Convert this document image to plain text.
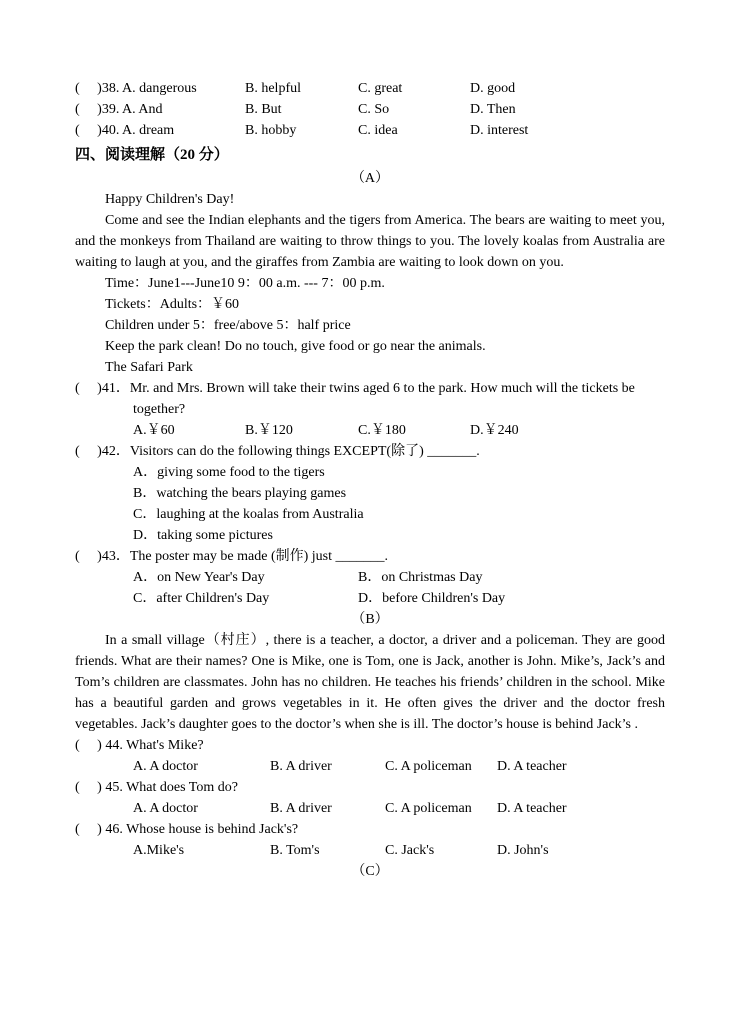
(     )38. A. dangerous	B. helpful	C. great	D. good
(     )39. A. And	B. But	C. So	D. Then
(     )40. A. dream	B. hobby	C. idea	D. interest
四、阅读理解（20 分）
（A）

Happy Children's Day!

Come and see the Indian elephants and the tigers from America. The bears are waiting to meet you, and the monkeys from Thailand are waiting to throw things to you. The lovely koalas from Australia are waiting to laugh at you, and the giraffes from Zambia are waiting to look down on you.

Time：June1---June10 9：00 a.m. --- 7：00 p.m.

Tickets：Adults：￥60

Children under 5：free/above 5：half price

Keep the park clean! Do no touch, give food or go near the animals.

The Safari Park

(     )41．Mr. and Mrs. Brown will take their twins aged 6 to the park. How much will the tickets be together?

A.￥60	B.￥120	C.￥180	D.￥240

(     )42．Visitors can do the following things EXCEPT(除了) _______.

A．giving some food to the tigers

B．watching the bears playing games

C．laughing at the koalas from Australia

D．taking some pictures

(     )43．The poster may be made (制作) just _______.

A．on New Year's Day	B．on Christmas Day
C．after Children's Day	D．before Children's Day
（B）

In a small village（村庄）, there is a teacher, a doctor, a driver and a policeman. They are good friends. What are their names? One is Mike, one is Tom, one is Jack, another is John. Mike’s, Jack’s and Tom’s children are classmates. John has no children. He teaches his friends’ children in the school. Mike has a beautiful garden and grows vegetables in it. He often gives the driver and the doctor fresh vegetables. Jack’s daughter goes to the doctor’s when she is ill. The doctor’s house is behind Jack’s .

(     ) 44. What's Mike?

A. A doctor	B. A driver	C. A policeman	D. A teacher

(     ) 45. What does Tom do?

A. A doctor	B. A driver	C. A policeman	D. A teacher

(     ) 46. Whose house is behind Jack's?

A.Mike's	B. Tom's	C. Jack's	D. John's
（C）
